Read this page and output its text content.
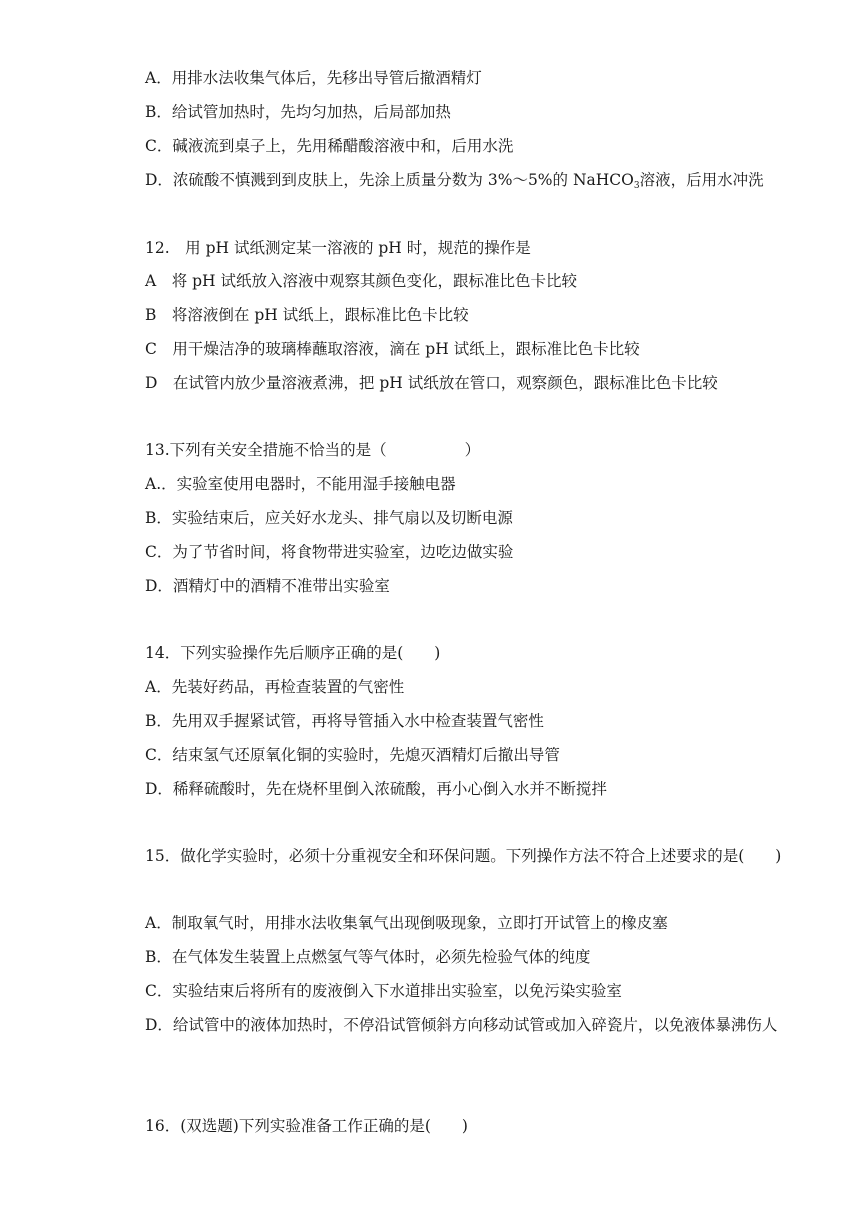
A．用排水法收集气体后，先移出导管后撤酒精灯
B．给试管加热时，先均匀加热，后局部加热
C．碱液流到桌子上，先用稀醋酸溶液中和，后用水洗
D．浓硫酸不慎溅到到皮肤上，先涂上质量分数为 3%～5%的 NaHCO$_3$溶液，后用水冲洗
12.　用 pH 试纸测定某一溶液的 pH 时，规范的操作是
A　将 pH 试纸放入溶液中观察其颜色变化，跟标准比色卡比较
B　将溶液倒在 pH 试纸上，跟标准比色卡比较
C　用干燥洁净的玻璃棒蘸取溶液，滴在 pH 试纸上，跟标准比色卡比较
D　在试管内放少量溶液煮沸，把 pH 试纸放在管口，观察颜色，跟标准比色卡比较
13.下列有关安全措施不恰当的是（	）
A.．实验室使用电器时，不能用湿手接触电器
B．实验结束后，应关好水龙头、排气扇以及切断电源
C．为了节省时间，将食物带进实验室，边吃边做实验
D．酒精灯中的酒精不准带出实验室
14．下列实验操作先后顺序正确的是(　　)
A．先装好药品，再检查装置的气密性
B．先用双手握紧试管，再将导管插入水中检查装置气密性
C．结束氢气还原氧化铜的实验时，先熄灭酒精灯后撤出导管
D．稀释硫酸时，先在烧杯里倒入浓硫酸，再小心倒入水并不断搅拌
15．做化学实验时，必须十分重视安全和环保问题。下列操作方法不符合上述要求的是(　　)
A．制取氧气时，用排水法收集氧气出现倒吸现象，立即打开试管上的橡皮塞
B．在气体发生装置上点燃氢气等气体时，必须先检验气体的纯度
C．实验结束后将所有的废液倒入下水道排出实验室，以免污染实验室
D．给试管中的液体加热时，不停沿试管倾斜方向移动试管或加入碎瓷片，以免液体暴沸伤人
16．(双选题)下列实验准备工作正确的是(　　)
